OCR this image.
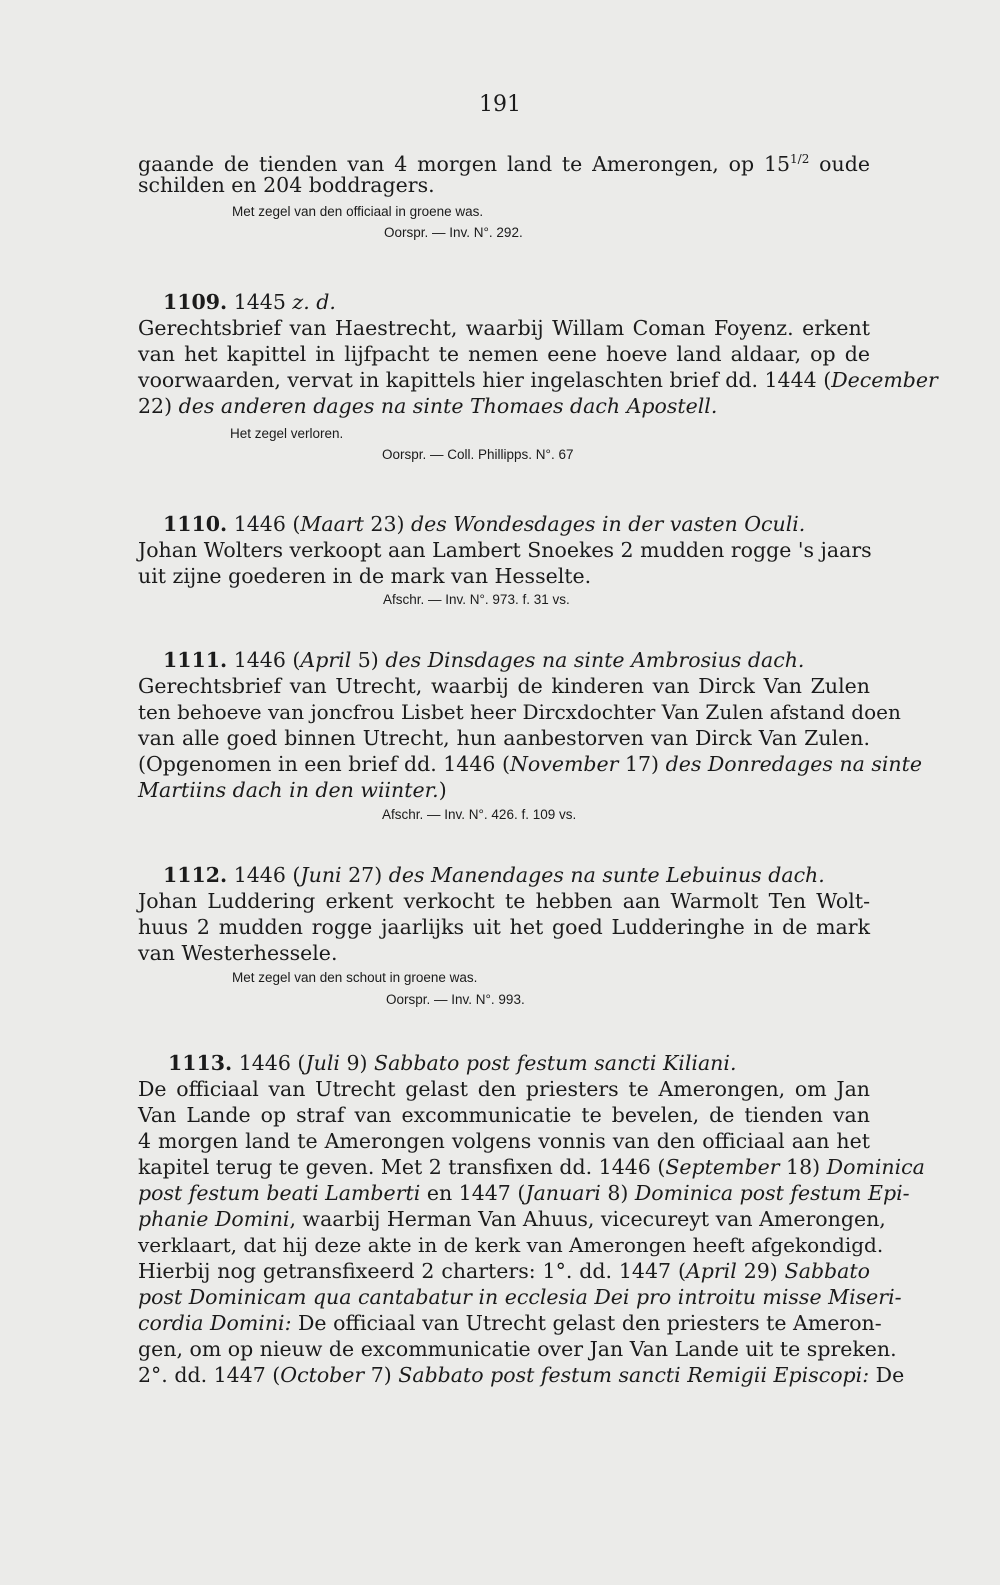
191
gaande de tienden van 4 morgen land te Amerongen, op $15^{1/2}$ oude
schilden en 204 boddragers.
Met zegel van den officiaal in groene was.
Oorspr. — Inv. N°. 292.
1109. 1445 z. d.
Gerechtsbrief van Haestrecht, waarbij Willam Coman Foyenz. erkent
van het kapittel in lijfpacht te nemen eene hoeve land aldaar, op de
voorwaarden, vervat in kapittels hier ingelaschten brief dd. 1444 (December
22) des anderen dages na sinte Thomaes dach Apostell.
Het zegel verloren.
Oorspr. — Coll. Phillipps. N°. 67
1110. 1446 (Maart 23) des Wondesdages in der vasten Oculi.
Johan Wolters verkoopt aan Lambert Snoekes 2 mudden rogge 's jaars
uit zijne goederen in de mark van Hesselte.
Afschr. — Inv. N°. 973. f. 31 vs.
1111. 1446 (April 5) des Dinsdages na sinte Ambrosius dach.
Gerechtsbrief van Utrecht, waarbij de kinderen van Dirck Van Zulen
ten behoeve van joncfrou Lisbet heer Dircxdochter Van Zulen afstand doen
van alle goed binnen Utrecht, hun aanbestorven van Dirck Van Zulen.
(Opgenomen in een brief dd. 1446 (November 17) des Donredages na sinte
Martiins dach in den wiinter.)
Afschr. — Inv. N°. 426. f. 109 vs.
1112. 1446 (Juni 27) des Manendages na sunte Lebuinus dach.
Johan Luddering erkent verkocht te hebben aan Warmolt Ten Wolt-
huus 2 mudden rogge jaarlijks uit het goed Ludderinghe in de mark
van Westerhessele.
Met zegel van den schout in groene was.
Oorspr. — Inv. N°. 993.
1113. 1446 (Juli 9) Sabbato post festum sancti Kiliani.
De officiaal van Utrecht gelast den priesters te Amerongen, om Jan
Van Lande op straf van excommunicatie te bevelen, de tienden van
4 morgen land te Amerongen volgens vonnis van den officiaal aan het
kapitel terug te geven. Met 2 transfixen dd. 1446 (September 18) Dominica
post festum beati Lamberti en 1447 (Januari 8) Dominica post festum Epi-
phanie Domini, waarbij Herman Van Ahuus, vicecureyt van Amerongen,
verklaart, dat hij deze akte in de kerk van Amerongen heeft afgekondigd.
Hierbij nog getransfixeerd 2 charters: 1°. dd. 1447 (April 29) Sabbato
post Dominicam qua cantabatur in ecclesia Dei pro introitu misse Miseri-
cordia Domini: De officiaal van Utrecht gelast den priesters te Ameron-
gen, om op nieuw de excommunicatie over Jan Van Lande uit te spreken.
2°. dd. 1447 (October 7) Sabbato post festum sancti Remigii Episcopi: De
